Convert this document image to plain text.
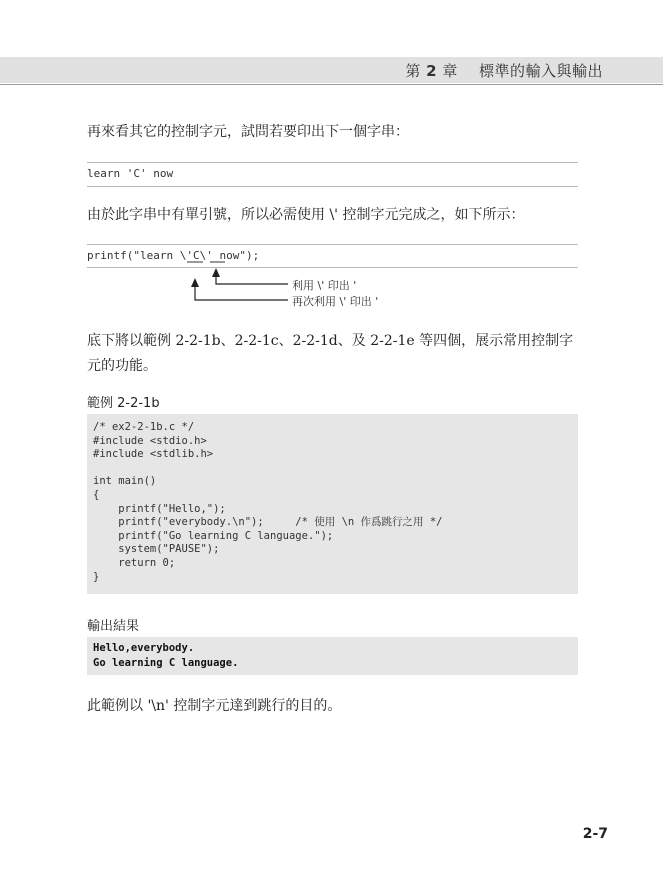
第 2 章 標準的輸入與輸出
再來看其它的控制字元，試問若要印出下一個字串：
learn 'C' now
由於此字串中有單引號，所以必需使用 \' 控制字元完成之，如下所示：
printf("learn \'C\' now");
利用 \' 印出 '
再次利用 \' 印出 '
底下將以範例 2-2-1b、2-2-1c、2-2-1d、及 2-2-1e 等四個，展示常用控制字元的功能。
範例 2-2-1b
/* ex2-2-1b.c */
#include <stdio.h>
#include <stdlib.h>
int main()
{
printf("Hello,");
printf("everybody.\n");     /* 使用 \n 作爲跳行之用 */
printf("Go learning C language.");
system("PAUSE");
return 0;
}
輸出結果
Hello,everybody.
Go learning C language.
此範例以 '\n' 控制字元達到跳行的目的。
2-7
